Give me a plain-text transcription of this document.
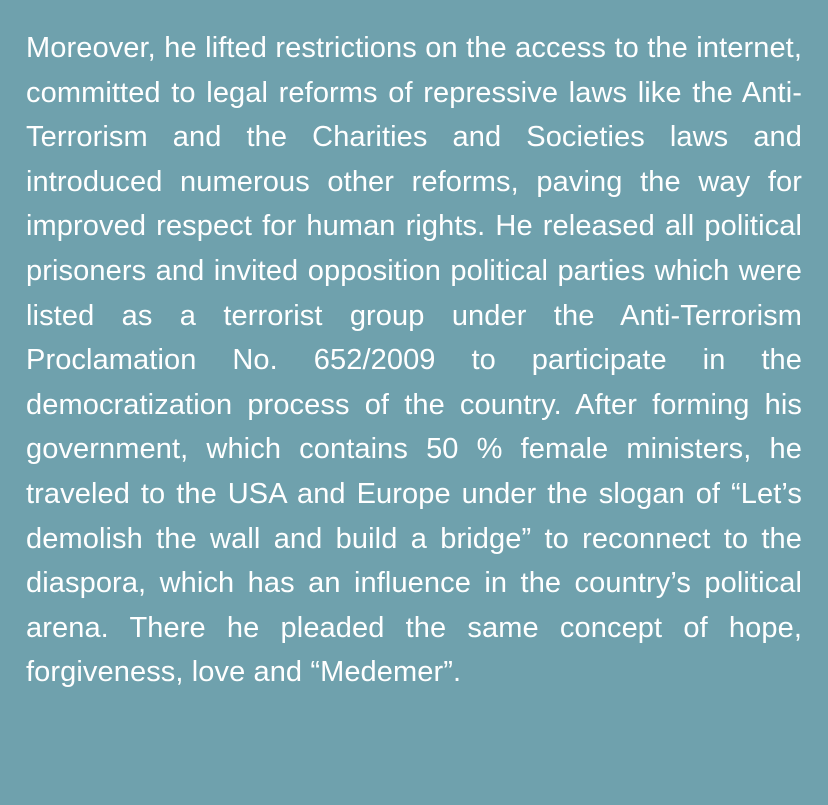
Moreover, he lifted restrictions on the access to the internet, committed to legal reforms of repressive laws like the Anti-Terrorism and the Charities and Societies laws and introduced numerous other reforms, paving the way for improved respect for human rights. He released all political prisoners and invited opposition political parties which were listed as a terrorist group under the Anti-Terrorism Proclamation No. 652/2009 to participate in the democratization process of the country. After forming his government, which contains 50 % female ministers, he traveled to the USA and Europe under the slogan of “Let’s demolish the wall and build a bridge” to reconnect to the diaspora, which has an influence in the country’s political arena. There he pleaded the same concept of hope, forgiveness, love and “Medemer”.
